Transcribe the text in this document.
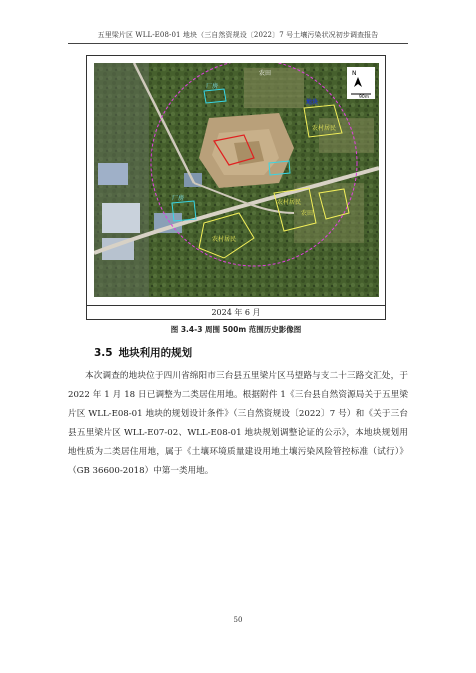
五里梁片区 WLL-E08-01 地块（三自然资规设〔2022〕7 号土壤污染状况初步调查报告
农田
地块
厂房
农村居民
厂房
农村居民
农田
农村居民
N
90m
2024 年 6 月
图 3.4-3 周围 500m 范围历史影像图
3.5 地块利用的规划

本次调查的地块位于四川省绵阳市三台县五里梁片区马望路与支二十三路交汇处，于 2022 年 1 月 18 日已调整为二类居住用地。根据附件 1《三台县自然资源局关于五里梁片区 WLL-E08-01 地块的规划设计条件》（三自然资规设〔2022〕7 号）和《关于三台县五里梁片区 WLL-E07-02、WLL-E08-01 地块规划调整论证的公示》，本地块规划用地性质为二类居住用地，属于《土壤环境质量建设用地土壤污染风险管控标准（试行）》（GB 36600-2018）中第一类用地。

50
